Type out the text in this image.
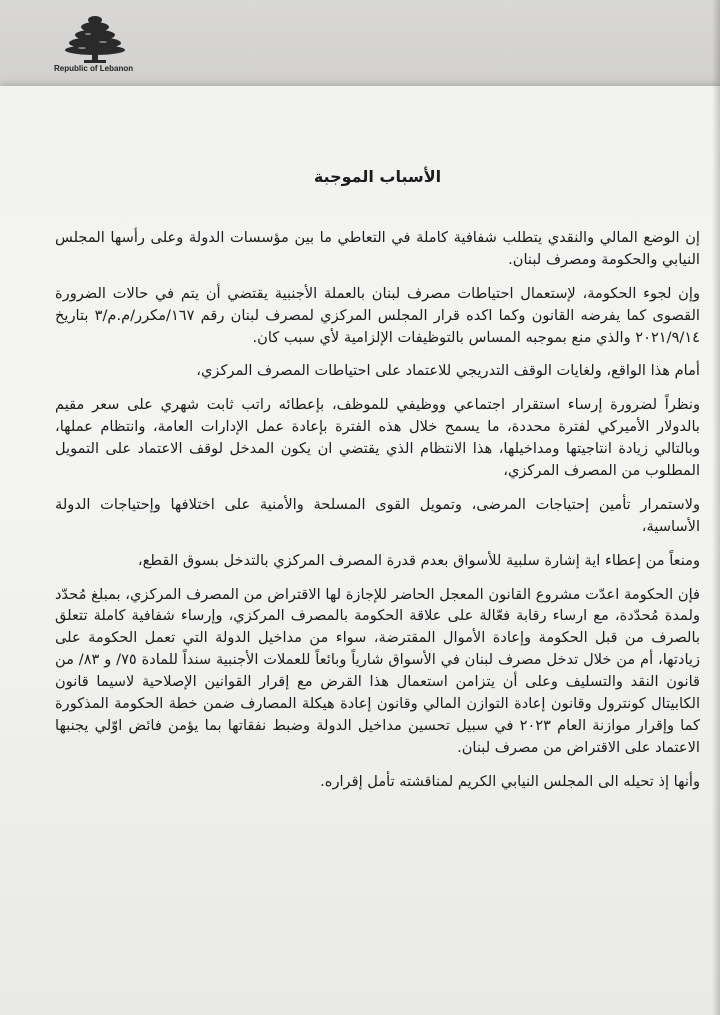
Republic of Lebanon
الأسباب الموجبة

إن الوضع المالي والنقدي يتطلب شفافية كاملة في التعاطي ما بين مؤسسات الدولة وعلى رأسها المجلس النيابي والحكومة ومصرف لبنان.

وإن لجوء الحكومة، لإستعمال احتياطات مصرف لبنان بالعملة الأجنبية يقتضي أن يتم في حالات الضرورة القصوى كما يفرضه القانون وكما اكده قرار المجلس المركزي لمصرف لبنان رقم ١٦٧/مكرر/م.م/٣ بتاريخ ٢٠٢١/٩/١٤ والذي منع بموجبه المساس بالتوظيفات الإلزامية لأي سبب كان.

أمام هذا الواقع، ولغايات الوقف التدريجي للاعتماد على احتياطات المصرف المركزي،

ونظراً لضرورة إرساء استقرار اجتماعي ووظيفي للموظف، بإعطائه راتب ثابت شهري على سعر مقيم بالدولار الأميركي لفترة محددة، ما يسمح خلال هذه الفترة بإعادة عمل الإدارات العامة، وانتظام عملها، وبالتالي زيادة انتاجيتها ومداخيلها، هذا الانتظام الذي يقتضي ان يكون المدخل لوقف الاعتماد على التمويل المطلوب من المصرف المركزي،

ولاستمرار تأمين إحتياجات المرضى، وتمويل القوى المسلحة والأمنية على اختلافها وإحتياجات الدولة الأساسية،

ومنعاً من إعطاء اية إشارة سلبية للأسواق بعدم قدرة المصرف المركزي بالتدخل بسوق القطع،

فإن الحكومة اعدّت مشروع القانون المعجل الحاضر للإجازة لها الاقتراض من المصرف المركزي، بمبلغ مُحدّد ولمدة مُحدّدة، مع ارساء رقابة فعّالة على علاقة الحكومة بالمصرف المركزي، وإرساء شفافية كاملة تتعلق بالصرف من قبل الحكومة وإعادة الأموال المقترضة، سواء من مداخيل الدولة التي تعمل الحكومة على زيادتها، أم من خلال تدخل مصرف لبنان في الأسواق شارياً وبائعاً للعملات الأجنبية سنداً للمادة ٧٥/ و ٨٣/ من قانون النقد والتسليف وعلى أن يتزامن استعمال هذا القرض مع إقرار القوانين الإصلاحية لاسيما قانون الكابيتال كونترول وقانون إعادة التوازن المالي وقانون إعادة هيكلة المصارف ضمن خطة الحكومة المذكورة كما وإقرار موازنة العام ٢٠٢٣ في سبيل تحسين مداخيل الدولة وضبط نفقاتها بما يؤمن فائض اوّلي يجنبها الاعتماد على الاقتراض من مصرف لبنان.

وأنها إذ تحيله الى المجلس النيابي الكريم لمناقشته تأمل إقراره.
